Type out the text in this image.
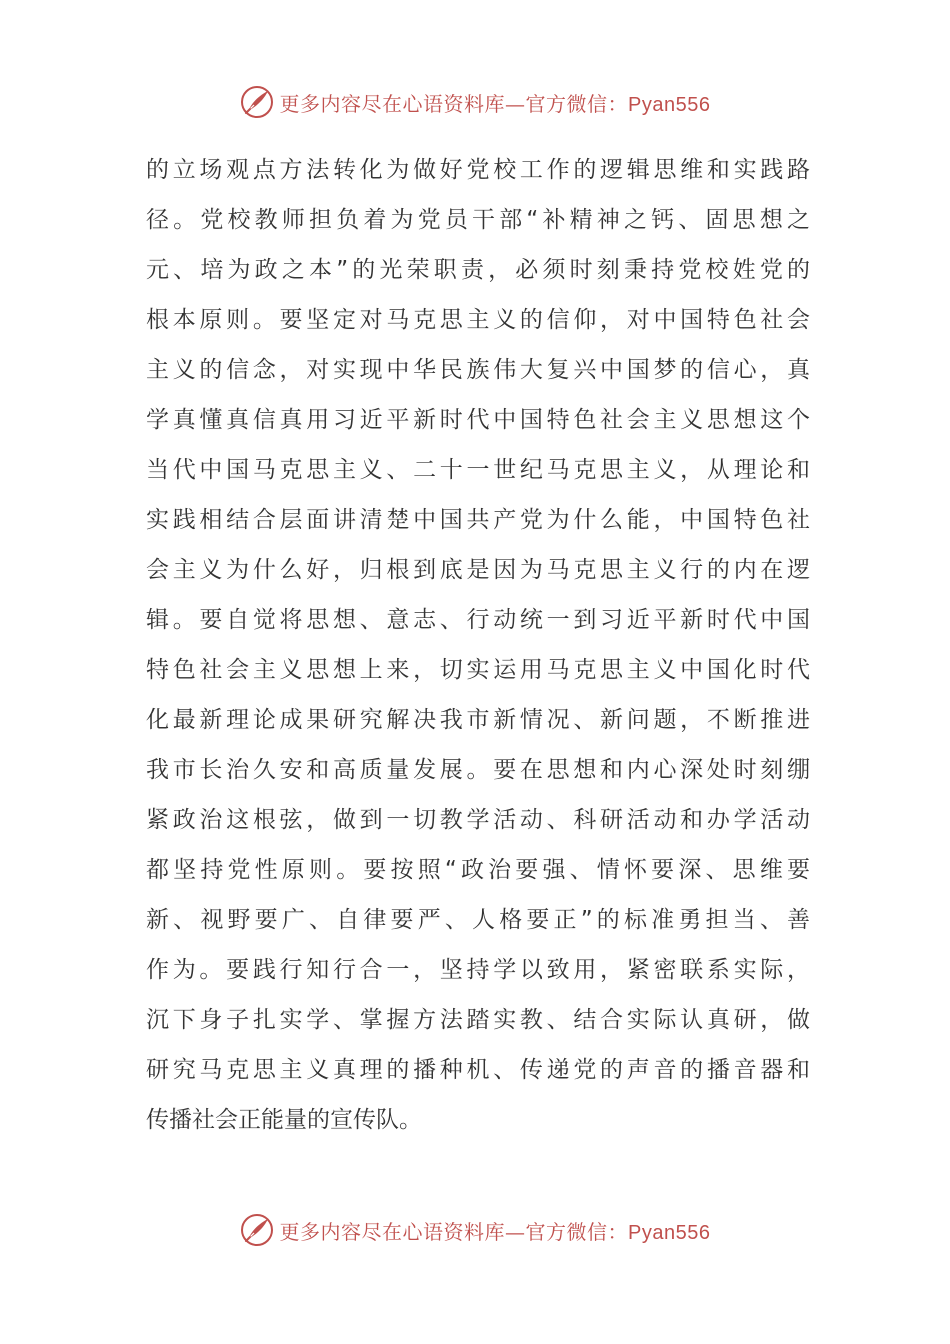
更多内容尽在心语资料库—官方微信：Pyan556
的立场观点方法转化为做好党校工作的逻辑思维和实践路
径。党校教师担负着为党员干部“补精神之钙、固思想之
元、培为政之本”的光荣职责，必须时刻秉持党校姓党的
根本原则。要坚定对马克思主义的信仰，对中国特色社会
主义的信念，对实现中华民族伟大复兴中国梦的信心，真
学真懂真信真用习近平新时代中国特色社会主义思想这个
当代中国马克思主义、二十一世纪马克思主义，从理论和
实践相结合层面讲清楚中国共产党为什么能，中国特色社
会主义为什么好，归根到底是因为马克思主义行的内在逻
辑。要自觉将思想、意志、行动统一到习近平新时代中国
特色社会主义思想上来，切实运用马克思主义中国化时代
化最新理论成果研究解决我市新情况、新问题，不断推进
我市长治久安和高质量发展。要在思想和内心深处时刻绷
紧政治这根弦，做到一切教学活动、科研活动和办学活动
都坚持党性原则。要按照“政治要强、情怀要深、思维要
新、视野要广、自律要严、人格要正”的标准勇担当、善
作为。要践行知行合一，坚持学以致用，紧密联系实际，
沉下身子扎实学、掌握方法踏实教、结合实际认真研，做
研究马克思主义真理的播种机、传递党的声音的播音器和
传播社会正能量的宣传队。
更多内容尽在心语资料库—官方微信：Pyan556
